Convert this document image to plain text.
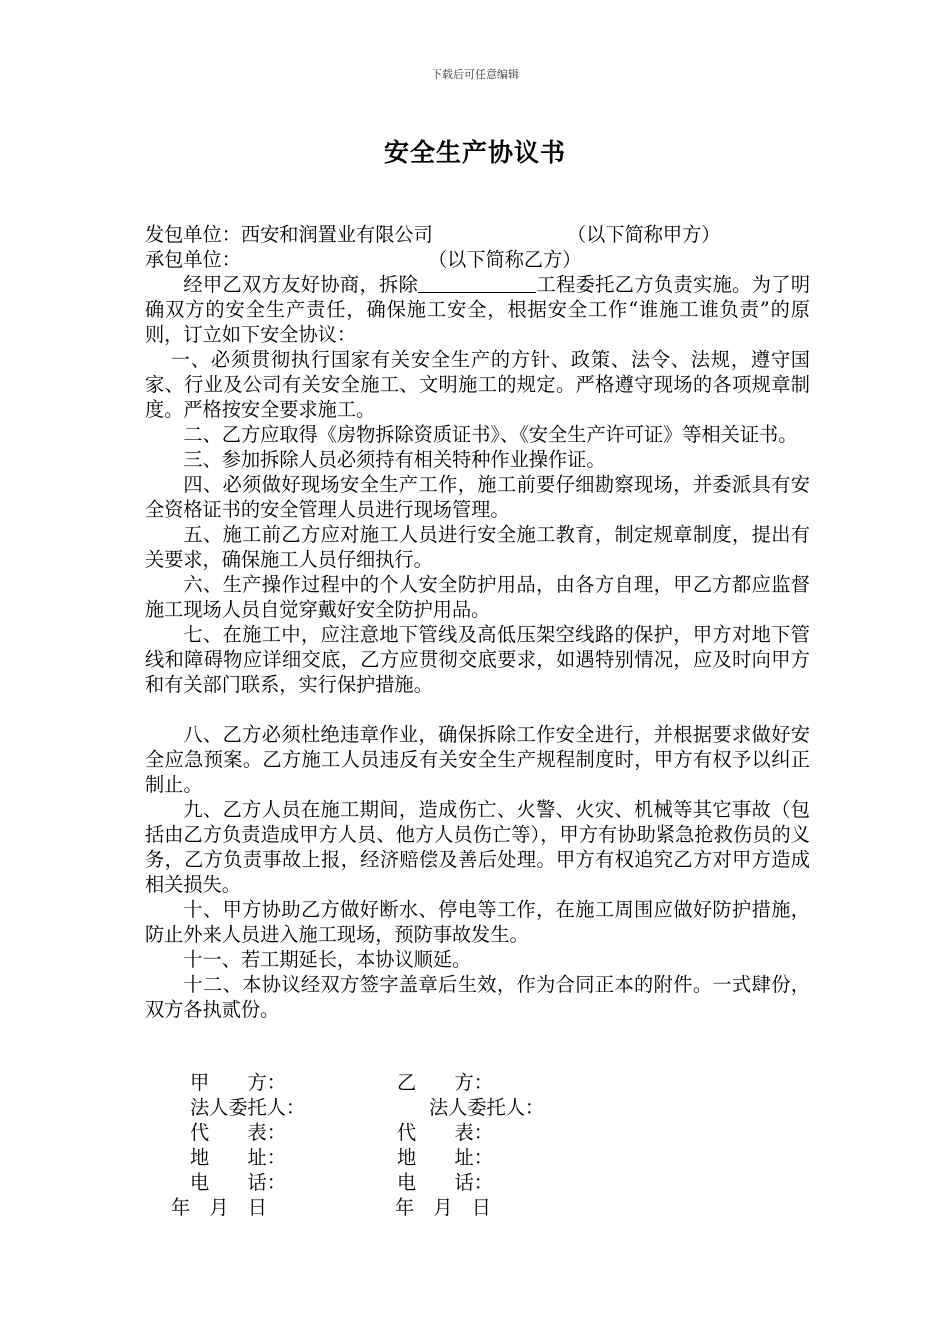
下载后可任意编辑
安全生产协议书
发包单位：西安和润置业有限公司	（以下简称甲方）
承包单位：	（以下简称乙方）
经甲乙双方友好协商，拆除	工程委托乙方负责实施。为了明确双方的安全生产责任，确保施工安全，根据安全工作“谁施工谁负责”的原则，订立如下安全协议：
一、必须贯彻执行国家有关安全生产的方针、政策、法令、法规，遵守国家、行业及公司有关安全施工、文明施工的规定。严格遵守现场的各项规章制度。严格按安全要求施工。
二、乙方应取得《房物拆除资质证书》、《安全生产许可证》等相关证书。
三、参加拆除人员必须持有相关特种作业操作证。
四、必须做好现场安全生产工作，施工前要仔细勘察现场，并委派具有安全资格证书的安全管理人员进行现场管理。
五、施工前乙方应对施工人员进行安全施工教育，制定规章制度，提出有关要求，确保施工人员仔细执行。
六、生产操作过程中的个人安全防护用品，由各方自理，甲乙方都应监督施工现场人员自觉穿戴好安全防护用品。
七、在施工中，应注意地下管线及高低压架空线路的保护，甲方对地下管线和障碍物应详细交底，乙方应贯彻交底要求，如遇特别情况，应及时向甲方和有关部门联系，实行保护措施。
八、乙方必须杜绝违章作业，确保拆除工作安全进行，并根据要求做好安全应急预案。乙方施工人员违反有关安全生产规程制度时，甲方有权予以纠正制止。
九、乙方人员在施工期间，造成伤亡、火警、火灾、机械等其它事故（包括由乙方负责造成甲方人员、他方人员伤亡等），甲方有协助紧急抢救伤员的义务，乙方负责事故上报，经济赔偿及善后处理。甲方有权追究乙方对甲方造成相关损失。
十、甲方协助乙方做好断水、停电等工作，在施工周围应做好防护措施，防止外来人员进入施工现场，预防事故发生。
十一、若工期延长，本协议顺延。
十二、本协议经双方签字盖章后生效，作为合同正本的附件。一式肆份，双方各执贰份。
甲　　方：	乙　　方：
法人委托人：	法人委托人：
代　　表：	代　　表：
地　　址：	地　　址：
电　　话：	电　　话：
年　月　日	年　月　日
